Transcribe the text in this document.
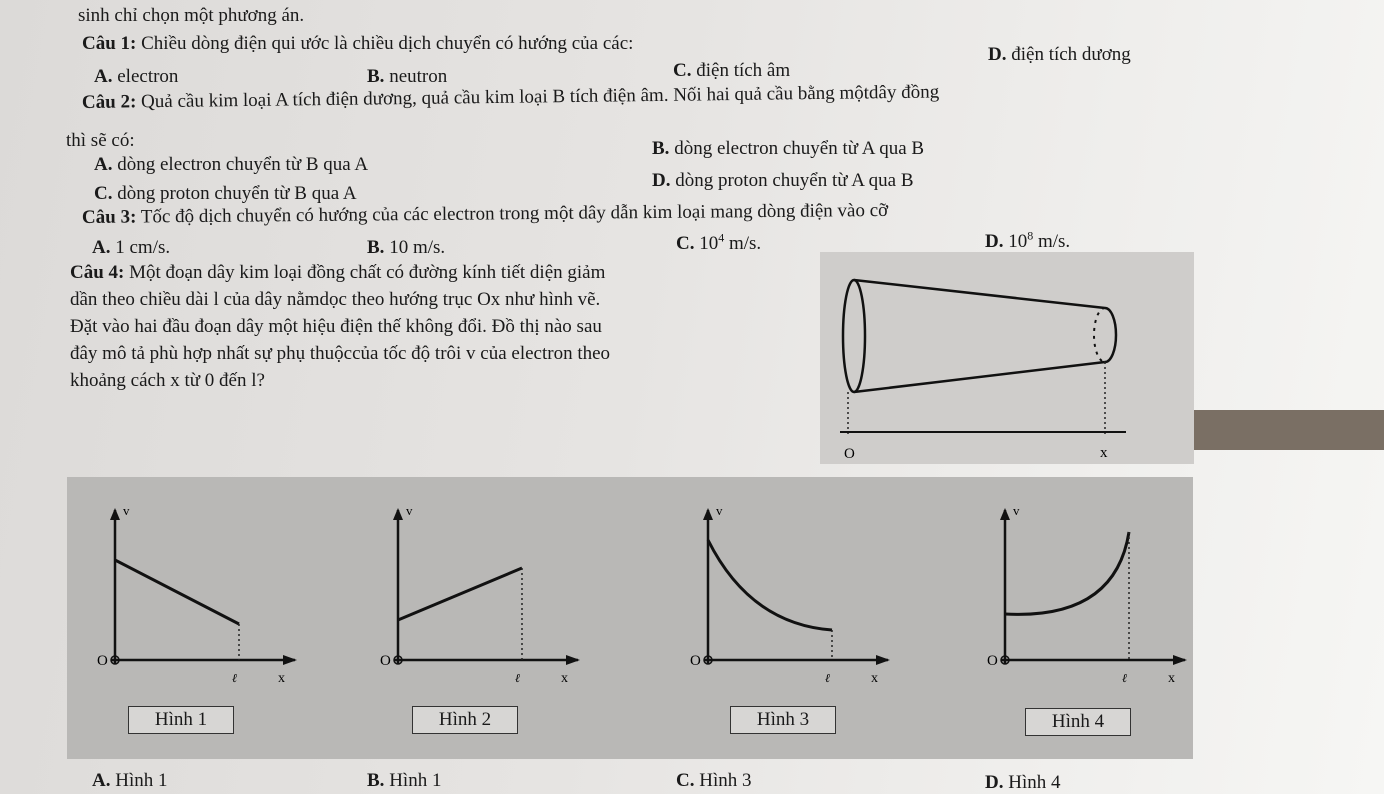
sinh chỉ chọn một phương án.
Câu 1: Chiều dòng điện qui ước là chiều dịch chuyển có hướng của các:
A. electron	B. neutron	C. điện tích âm
D. điện tích dương
Câu 2: Quả cầu kim loại A tích điện dương, quả cầu kim loại B tích điện âm. Nối hai quả cầu bằng mộtdây đồng
thì sẽ có:
A. dòng electron chuyển từ B qua A
B. dòng electron chuyển từ A qua B
C. dòng proton chuyển từ B qua A
D. dòng proton chuyển từ A qua B
Câu 3: Tốc độ dịch chuyển có hướng của các electron trong một dây dẫn kim loại mang dòng điện vào cỡ
A. 1 cm/s.	B. 10 m/s.	C. $10^4$ m/s.	D. $10^8$ m/s.
Câu 4: Một đoạn dây kim loại đồng chất có đường kính tiết diện giảm
dần theo chiều dài l của dây nằmdọc theo hướng trục Ox như hình vẽ.
Đặt vào hai đầu đoạn dây một hiệu điện thế không đổi. Đồ thị nào sau
đây mô tả phù hợp nhất sự phụ thuộccủa tốc độ trôi v của electron theo
khoảng cách x từ 0 đến l?
O	x
v
O
ℓ	x
v
O
ℓ	x
v
O
ℓ	x
v
O
ℓ	x
Hình 1	Hình 2	Hình 3	Hình 4
A. Hình 1	B. Hình 1	C. Hình 3	D. Hình 4
